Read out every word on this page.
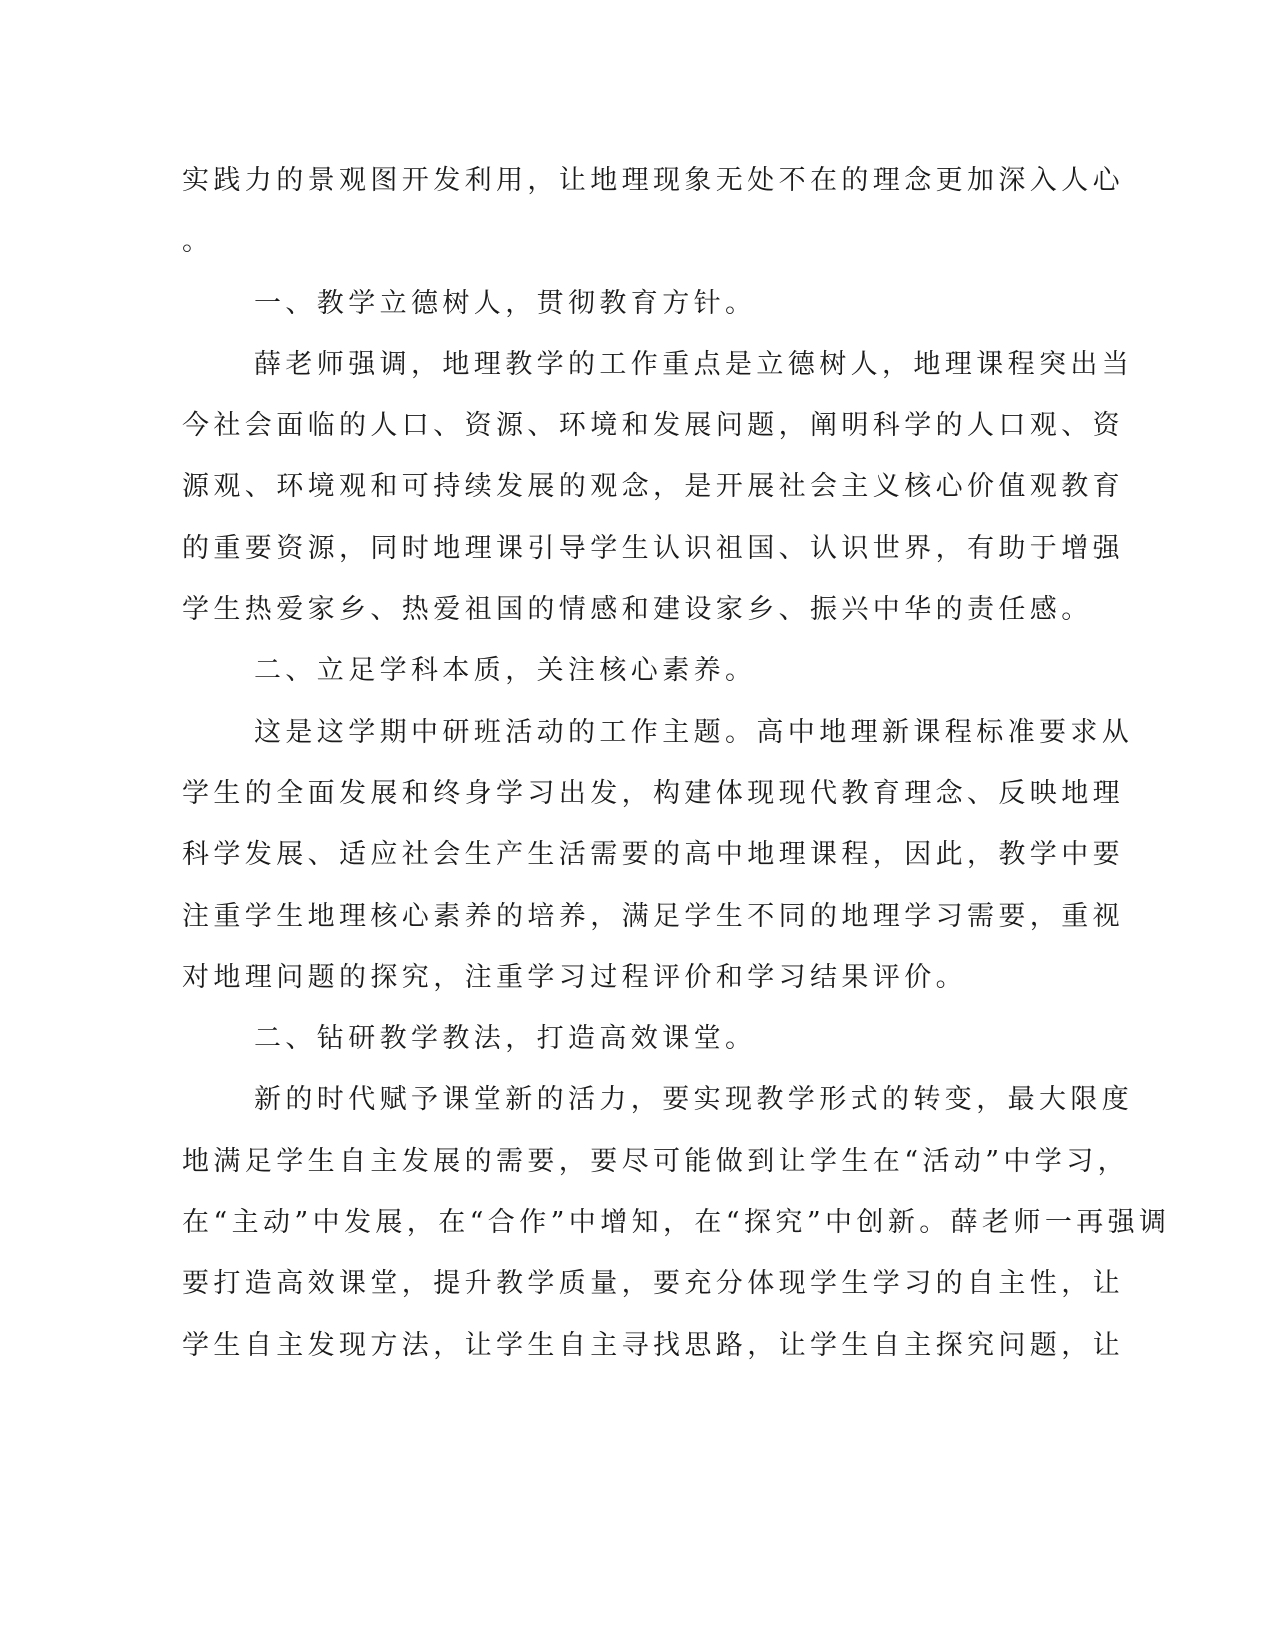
实践力的景观图开发利用，让地理现象无处不在的理念更加深入人心
。
一、教学立德树人，贯彻教育方针。
薛老师强调，地理教学的工作重点是立德树人，地理课程突出当
今社会面临的人口、资源、环境和发展问题，阐明科学的人口观、资
源观、环境观和可持续发展的观念，是开展社会主义核心价值观教育
的重要资源，同时地理课引导学生认识祖国、认识世界，有助于增强
学生热爱家乡、热爱祖国的情感和建设家乡、振兴中华的责任感。
二、立足学科本质，关注核心素养。
这是这学期中研班活动的工作主题。高中地理新课程标准要求从
学生的全面发展和终身学习出发，构建体现现代教育理念、反映地理
科学发展、适应社会生产生活需要的高中地理课程，因此，教学中要
注重学生地理核心素养的培养，满足学生不同的地理学习需要，重视
对地理问题的探究，注重学习过程评价和学习结果评价。
二、钻研教学教法，打造高效课堂。
新的时代赋予课堂新的活力，要实现教学形式的转变，最大限度
地满足学生自主发展的需要，要尽可能做到让学生在“活动”中学习，
在“主动”中发展，在“合作”中增知，在“探究”中创新。薛老师一再强调
要打造高效课堂，提升教学质量，要充分体现学生学习的自主性，让
学生自主发现方法，让学生自主寻找思路，让学生自主探究问题，让
